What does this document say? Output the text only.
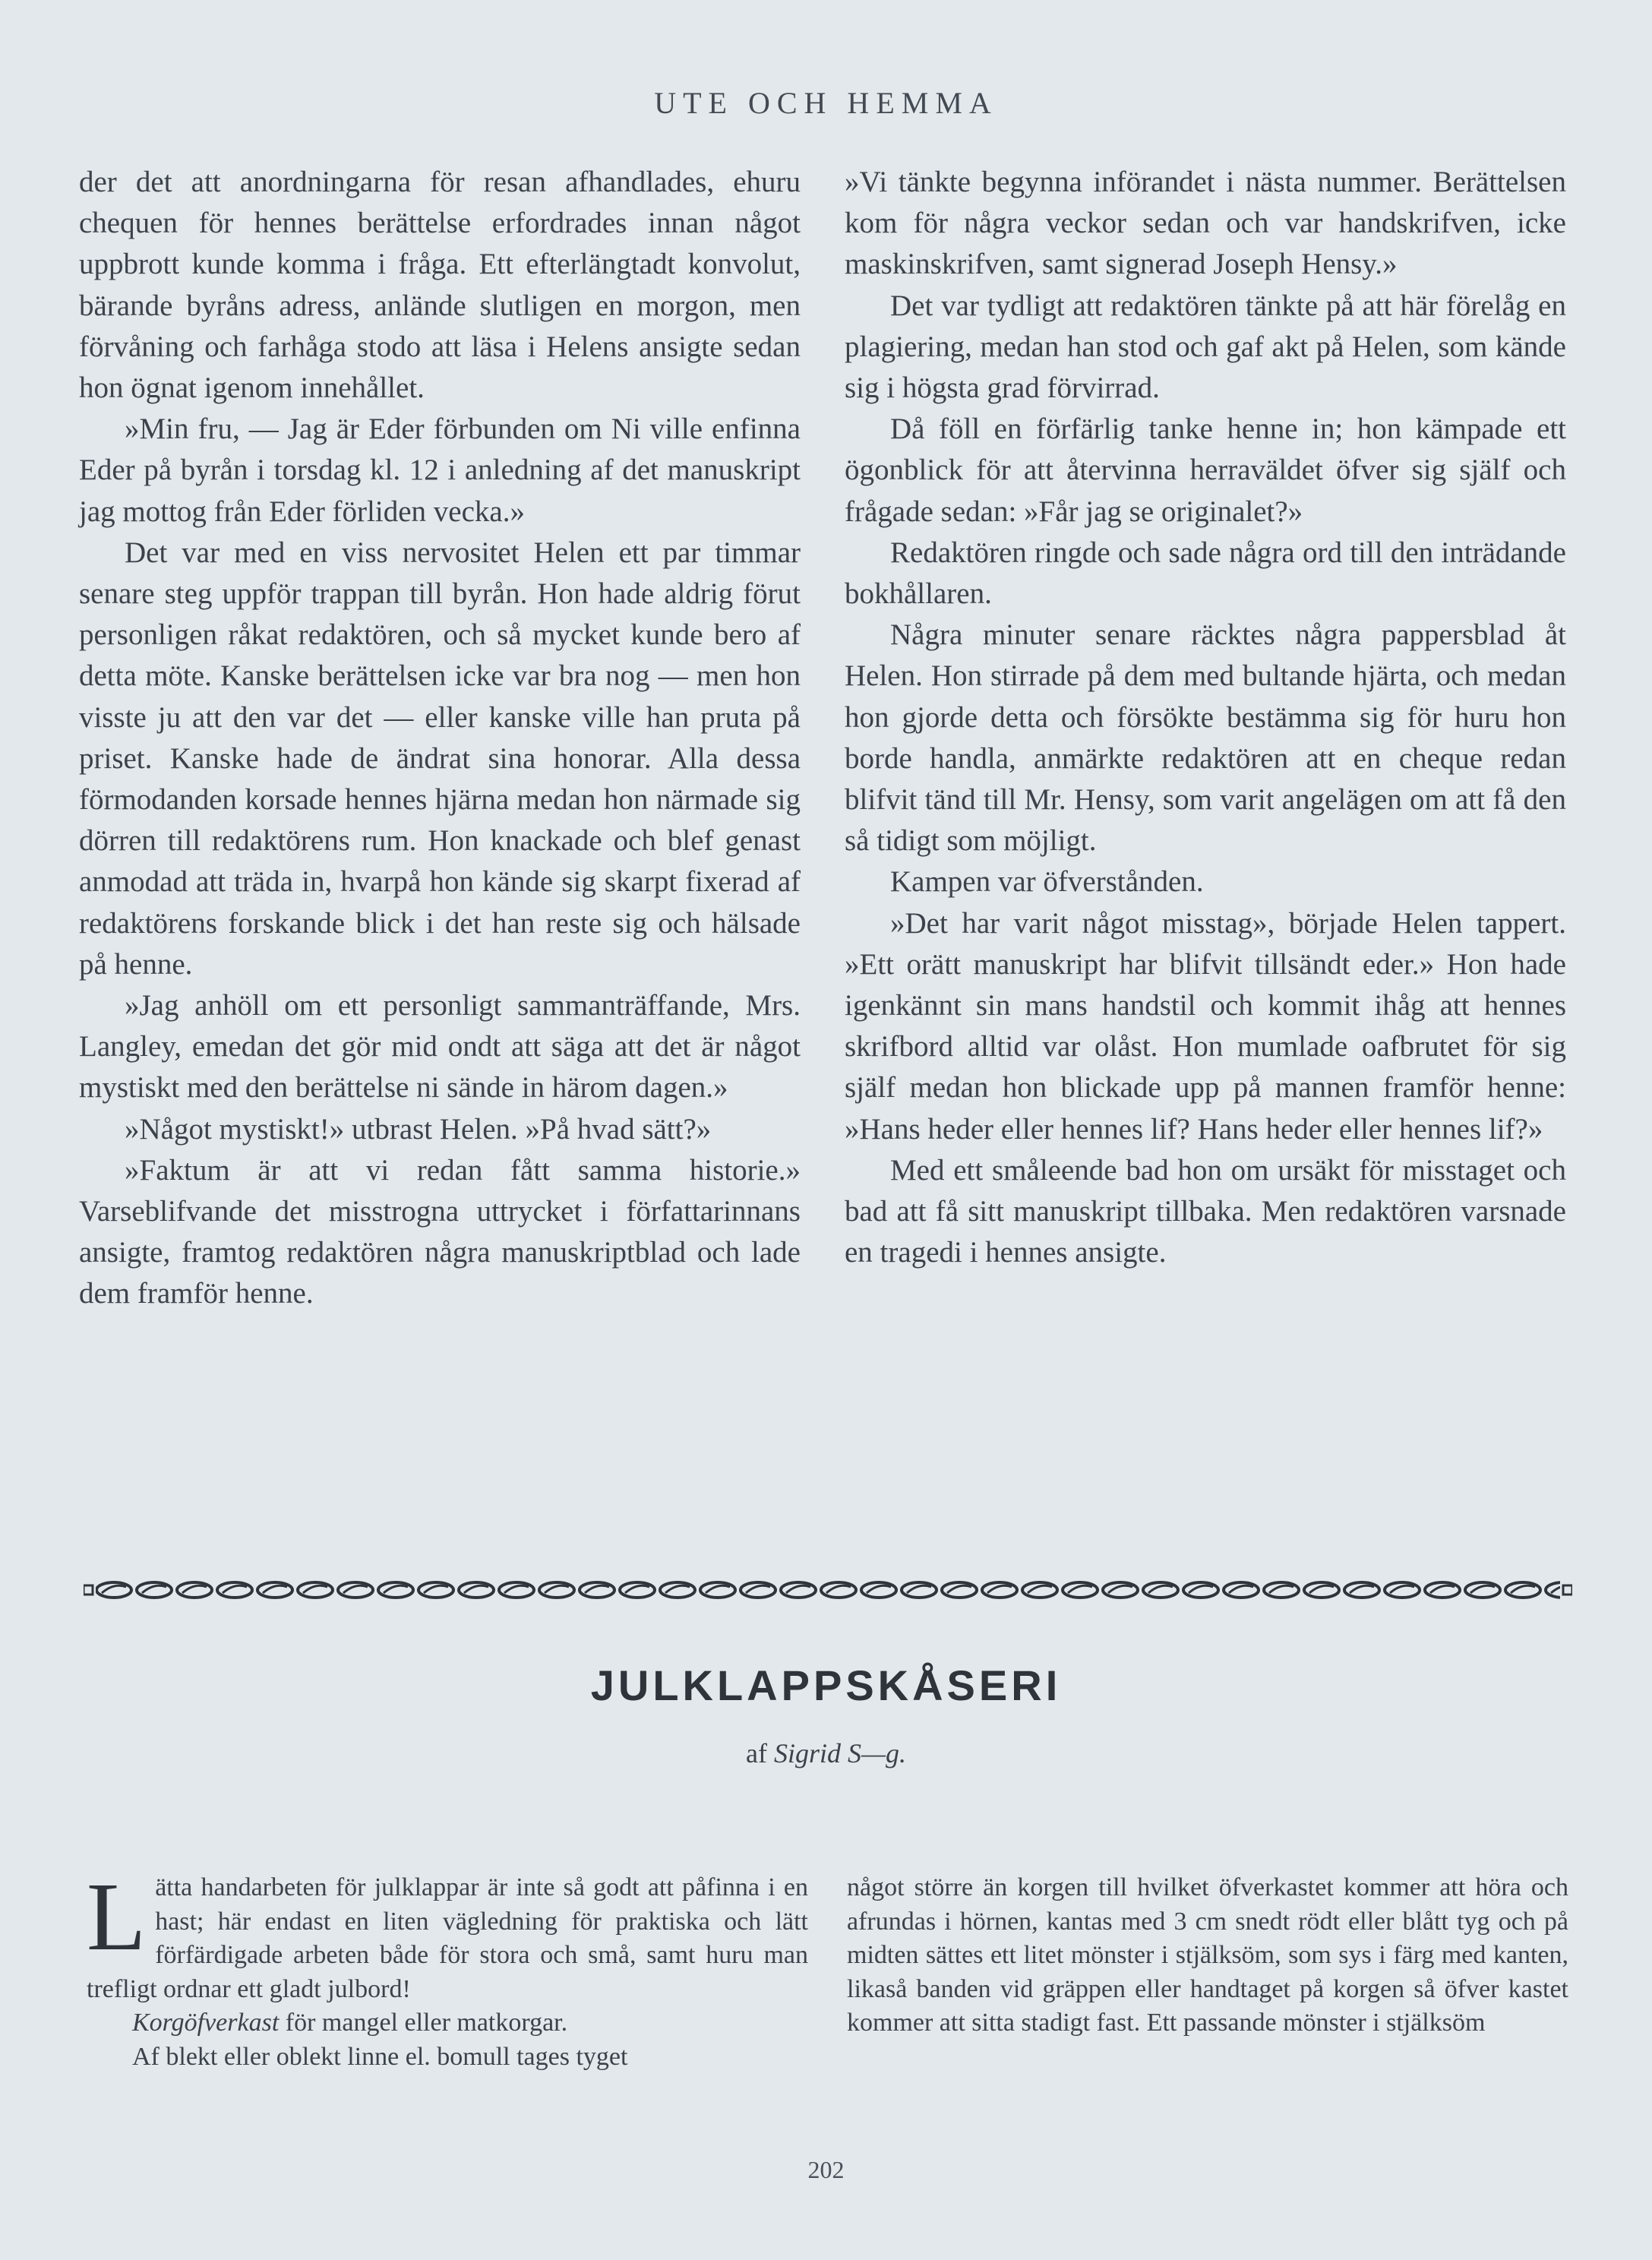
UTE OCH HEMMA

der det att anordningarna för resan afhandlades, ehuru chequen för hennes berättelse erfordrades innan något uppbrott kunde komma i fråga. Ett efterlängtadt konvolut, bärande byråns adress, anlände slutligen en morgon, men förvåning och farhåga stodo att läsa i Helens ansigte sedan hon ögnat igenom innehållet.

»Min fru, — Jag är Eder förbunden om Ni ville enfinna Eder på byrån i torsdag kl. 12 i anledning af det manuskript jag mottog från Eder förliden vecka.»

Det var med en viss nervositet Helen ett par timmar senare steg uppför trappan till byrån. Hon hade aldrig förut personligen råkat redaktören, och så mycket kunde bero af detta möte. Kanske berättelsen icke var bra nog — men hon visste ju att den var det — eller kanske ville han pruta på priset. Kanske hade de ändrat sina honorar. Alla dessa förmodanden korsade hennes hjärna medan hon närmade sig dörren till redaktörens rum. Hon knackade och blef genast anmodad att träda in, hvarpå hon kände sig skarpt fixerad af redaktörens forskande blick i det han reste sig och hälsade på henne.

»Jag anhöll om ett personligt sammanträffande, Mrs. Langley, emedan det gör mid ondt att säga att det är något mystiskt med den berättelse ni sände in härom dagen.»

»Något mystiskt!» utbrast Helen. »På hvad sätt?»

»Faktum är att vi redan fått samma historie.» Varseblifvande det misstrogna uttrycket i författarinnans ansigte, framtog redaktören några manuskriptblad och lade dem framför henne.

»Vi tänkte begynna införandet i nästa nummer. Berättelsen kom för några veckor sedan och var handskrifven, icke maskinskrifven, samt signerad Joseph Hensy.»

Det var tydligt att redaktören tänkte på att här förelåg en plagiering, medan han stod och gaf akt på Helen, som kände sig i högsta grad förvirrad.

Då föll en förfärlig tanke henne in; hon kämpade ett ögonblick för att återvinna herraväldet öfver sig själf och frågade sedan: »Får jag se originalet?»

Redaktören ringde och sade några ord till den inträdande bokhållaren.

Några minuter senare räcktes några pappersblad åt Helen. Hon stirrade på dem med bultande hjärta, och medan hon gjorde detta och försökte bestämma sig för huru hon borde handla, anmärkte redaktören att en cheque redan blifvit tänd till Mr. Hensy, som varit angelägen om att få den så tidigt som möjligt.

Kampen var öfverstånden.

»Det har varit något misstag», började Helen tappert. »Ett orätt manuskript har blifvit tillsändt eder.» Hon hade igenkännt sin mans handstil och kommit ihåg att hennes skrifbord alltid var olåst. Hon mumlade oafbrutet för sig själf medan hon blickade upp på mannen framför henne: »Hans heder eller hennes lif? Hans heder eller hennes lif?»

Med ett småleende bad hon om ursäkt för misstaget och bad att få sitt manuskript tillbaka. Men redaktören varsnade en tragedi i hennes ansigte.

JULKLAPPSKÅSERI
af Sigrid S—g.

Lätta handarbeten för julklappar är inte så godt att påfinna i en hast; här endast en liten vägledning för praktiska och lätt förfärdigade arbeten både för stora och små, samt huru man trefligt ordnar ett gladt julbord!

Korgöfverkast för mangel eller matkorgar.

Af blekt eller oblekt linne el. bomull tages tyget

något större än korgen till hvilket öfverkastet kommer att höra och afrundas i hörnen, kantas med 3 cm snedt rödt eller blått tyg och på midten sättes ett litet mönster i stjälksöm, som sys i färg med kanten, likaså banden vid gräppen eller handtaget på korgen så öfver kastet kommer att sitta stadigt fast. Ett passande mönster i stjälksöm

202
